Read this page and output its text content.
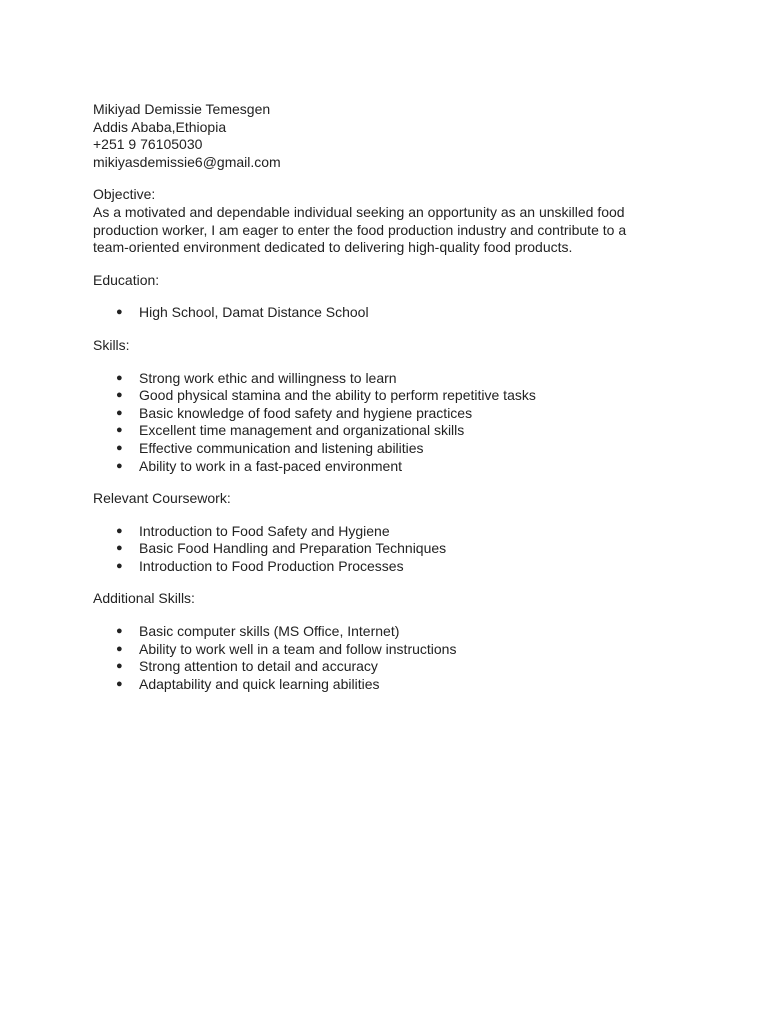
Mikiyad Demissie Temesgen
Addis Ababa,Ethiopia
+251 9 76105030
mikiyasdemissie6@gmail.com
Objective:
As a motivated and dependable individual seeking an opportunity as an unskilled food
production worker, I am eager to enter the food production industry and contribute to a
team-oriented environment dedicated to delivering high-quality food products.
Education:
● High School, Damat Distance School
Skills:
● Strong work ethic and willingness to learn
● Good physical stamina and the ability to perform repetitive tasks
● Basic knowledge of food safety and hygiene practices
● Excellent time management and organizational skills
● Effective communication and listening abilities
● Ability to work in a fast-paced environment
Relevant Coursework:
● Introduction to Food Safety and Hygiene
● Basic Food Handling and Preparation Techniques
● Introduction to Food Production Processes
Additional Skills:
● Basic computer skills (MS Office, Internet)
● Ability to work well in a team and follow instructions
● Strong attention to detail and accuracy
● Adaptability and quick learning abilities
